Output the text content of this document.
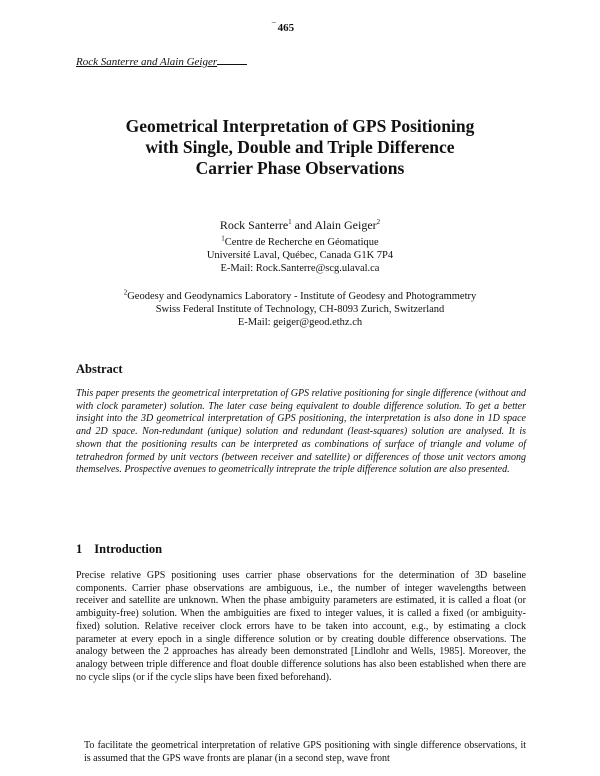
‾ 465
Rock Santerre and Alain Geiger
Geometrical Interpretation of GPS Positioning
with Single, Double and Triple Difference
Carrier Phase Observations
Rock Santerre$^1$ and Alain Geiger$^2$
$^1$Centre de Recherche en Géomatique
Université Laval, Québec, Canada G1K 7P4
E-Mail: Rock.Santerre@scg.ulaval.ca
$^2$Geodesy and Geodynamics Laboratory - Institute of Geodesy and Photogrammetry
Swiss Federal Institute of Technology, CH-8093 Zurich, Switzerland
E-Mail: geiger@geod.ethz.ch
Abstract
This paper presents the geometrical interpretation of GPS relative positioning for single difference (without and with clock parameter) solution. The later case being equivalent to double difference solution. To get a better insight into the 3D geometrical interpretation of GPS positioning, the interpretation is also done in 1D space and 2D space. Non-redundant (unique) solution and redundant (least-squares) solution are analysed. It is shown that the positioning results can be interpreted as combinations of surface of triangle and volume of tetrahedron formed by unit vectors (between receiver and satellite) or differences of those unit vectors among themselves. Prospective avenues to geometrically intreprate the triple difference solution are also presented.
1 Introduction
Precise relative GPS positioning uses carrier phase observations for the determination of 3D baseline components. Carrier phase observations are ambiguous, i.e., the number of integer wavelengths between receiver and satellite are unknown. When the phase ambiguity parameters are estimated, it is called a float (or ambiguity-free) solution. When the ambiguities are fixed to integer values, it is called a fixed (or ambiguity-fixed) solution. Relative receiver clock errors have to be taken into account, e.g., by estimating a clock parameter at every epoch in a single difference solution or by creating double difference observations. The analogy between the 2 approaches has already been demonstrated [Lindlohr and Wells, 1985]. Moreover, the analogy between triple difference and float double difference solutions has also been established when there are no cycle slips (or if the cycle slips have been fixed beforehand).
To facilitate the geometrical interpretation of relative GPS positioning with single difference observations, it is assumed that the GPS wave fronts are planar (in a second step, wave front
